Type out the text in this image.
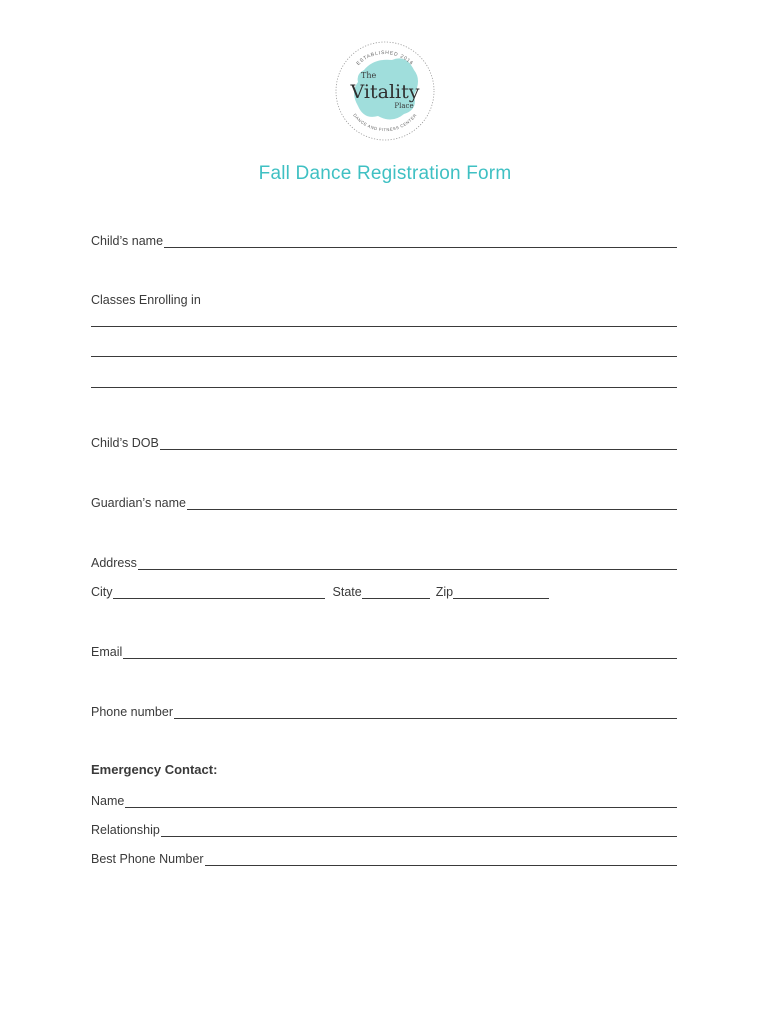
ESTABLISHED 2016
DANCE AND FITNESS CENTER
The
Vitality
Place
Fall Dance Registration Form
Child’s name
Classes Enrolling in
Child’s DOB
Guardian’s name
Address
City	State	Zip
Email
Phone number
Emergency Contact:
Name
Relationship
Best Phone Number
